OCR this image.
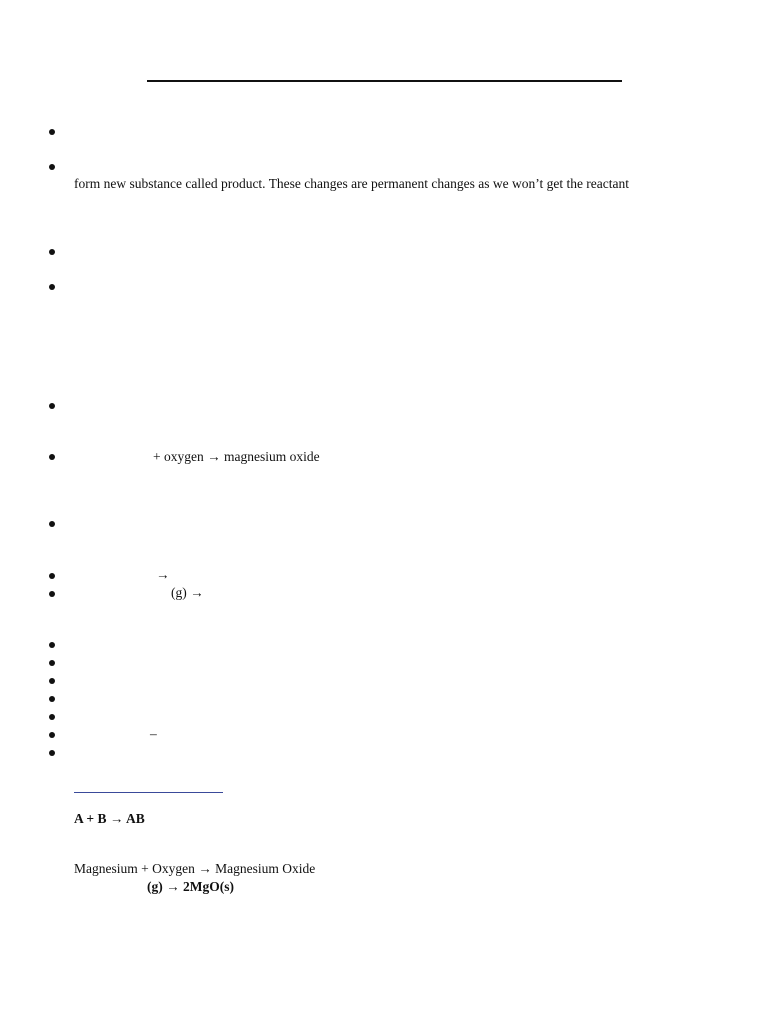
form new substance called product. These changes are permanent changes as we won’t get the reactant
+ oxygen → magnesium oxide
→
(g) →
–
A + B → AB
Magnesium + Oxygen → Magnesium Oxide
(g) → 2MgO(s)
